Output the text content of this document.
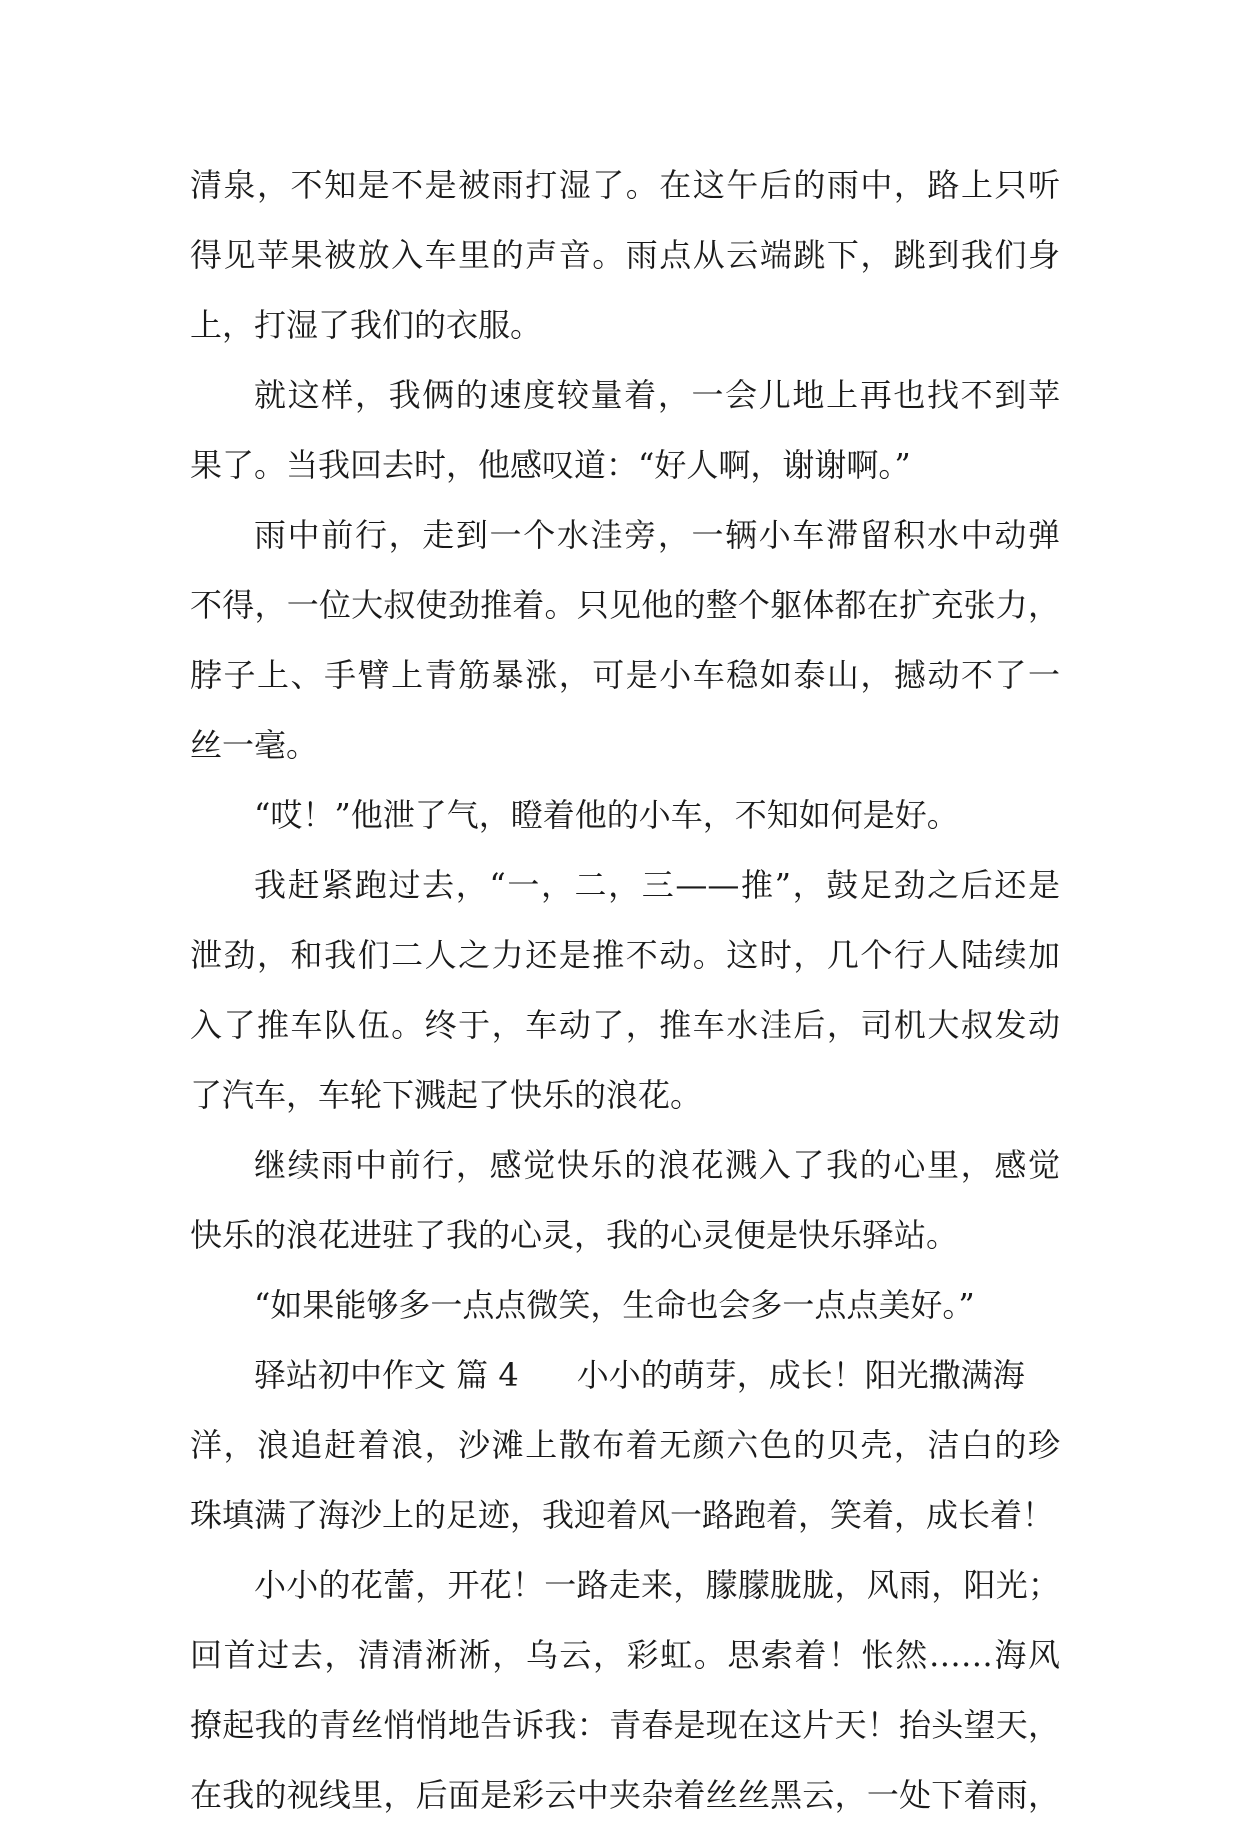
清泉，不知是不是被雨打湿了。在这午后的雨中，路上只听
得见苹果被放入车里的声音。雨点从云端跳下，跳到我们身
上，打湿了我们的衣服。
就这样，我俩的速度较量着，一会儿地上再也找不到苹
果了。当我回去时，他感叹道：“好人啊，谢谢啊。”
雨中前行，走到一个水洼旁，一辆小车滞留积水中动弹
不得，一位大叔使劲推着。只见他的整个躯体都在扩充张力，
脖子上、手臂上青筋暴涨，可是小车稳如泰山，撼动不了一
丝一毫。
“哎！”他泄了气，瞪着他的小车，不知如何是好。
我赶紧跑过去，“一，二，三——推”，鼓足劲之后还是
泄劲，和我们二人之力还是推不动。这时，几个行人陆续加
入了推车队伍。终于，车动了，推车水洼后，司机大叔发动
了汽车，车轮下溅起了快乐的浪花。
继续雨中前行，感觉快乐的浪花溅入了我的心里，感觉
快乐的浪花进驻了我的心灵，我的心灵便是快乐驿站。
“如果能够多一点点微笑，生命也会多一点点美好。”
驿站初中作文 篇 4 小小的萌芽，成长！阳光撒满海
洋，浪追赶着浪，沙滩上散布着无颜六色的贝壳，洁白的珍
珠填满了海沙上的足迹，我迎着风一路跑着，笑着，成长着！
小小的花蕾，开花！一路走来，朦朦胧胧，风雨，阳光；
回首过去，清清淅淅，乌云，彩虹。思索着！怅然……海风
撩起我的青丝悄悄地告诉我：青春是现在这片天！抬头望天，
在我的视线里，后面是彩云中夹杂着丝丝黑云，一处下着雨，
